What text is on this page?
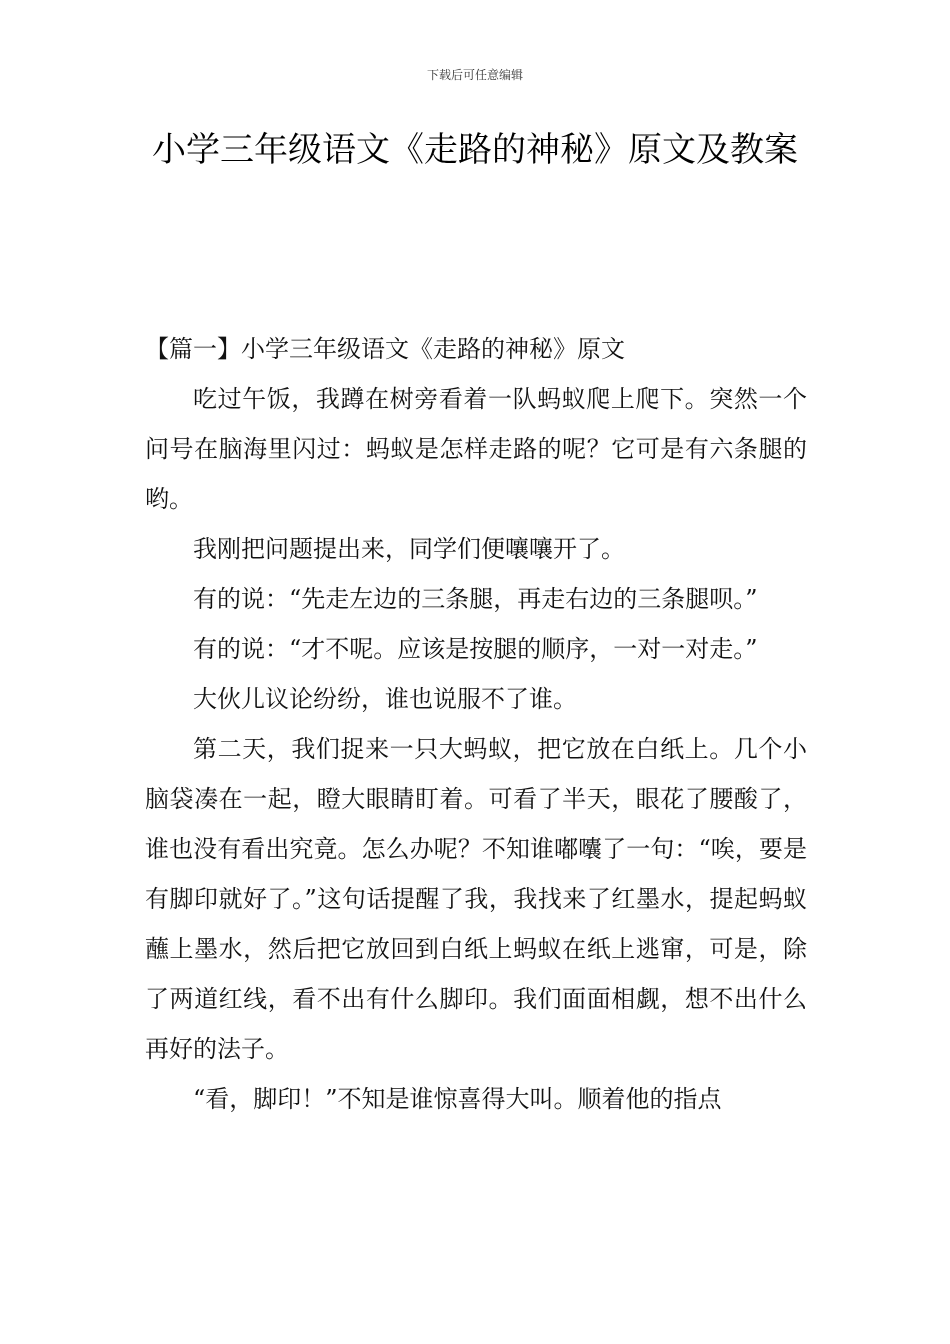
下载后可任意编辑
小学三年级语文《走路的神秘》原文及教案

【篇一】小学三年级语文《走路的神秘》原文

吃过午饭，我蹲在树旁看着一队蚂蚁爬上爬下。突然一个问号在脑海里闪过：蚂蚁是怎样走路的呢？它可是有六条腿的哟。

我刚把问题提出来，同学们便嚷嚷开了。

有的说：“先走左边的三条腿，再走右边的三条腿呗。”

有的说：“才不呢。应该是按腿的顺序，一对一对走。”

大伙儿议论纷纷，谁也说服不了谁。

第二天，我们捉来一只大蚂蚁，把它放在白纸上。几个小脑袋凑在一起，瞪大眼睛盯着。可看了半天，眼花了腰酸了，谁也没有看出究竟。怎么办呢？不知谁嘟囔了一句：“唉，要是有脚印就好了。”这句话提醒了我，我找来了红墨水，提起蚂蚁蘸上墨水，然后把它放回到白纸上蚂蚁在纸上逃窜，可是，除了两道红线，看不出有什么脚印。我们面面相觑，想不出什么再好的法子。

“看，脚印！”不知是谁惊喜得大叫。顺着他的指点
